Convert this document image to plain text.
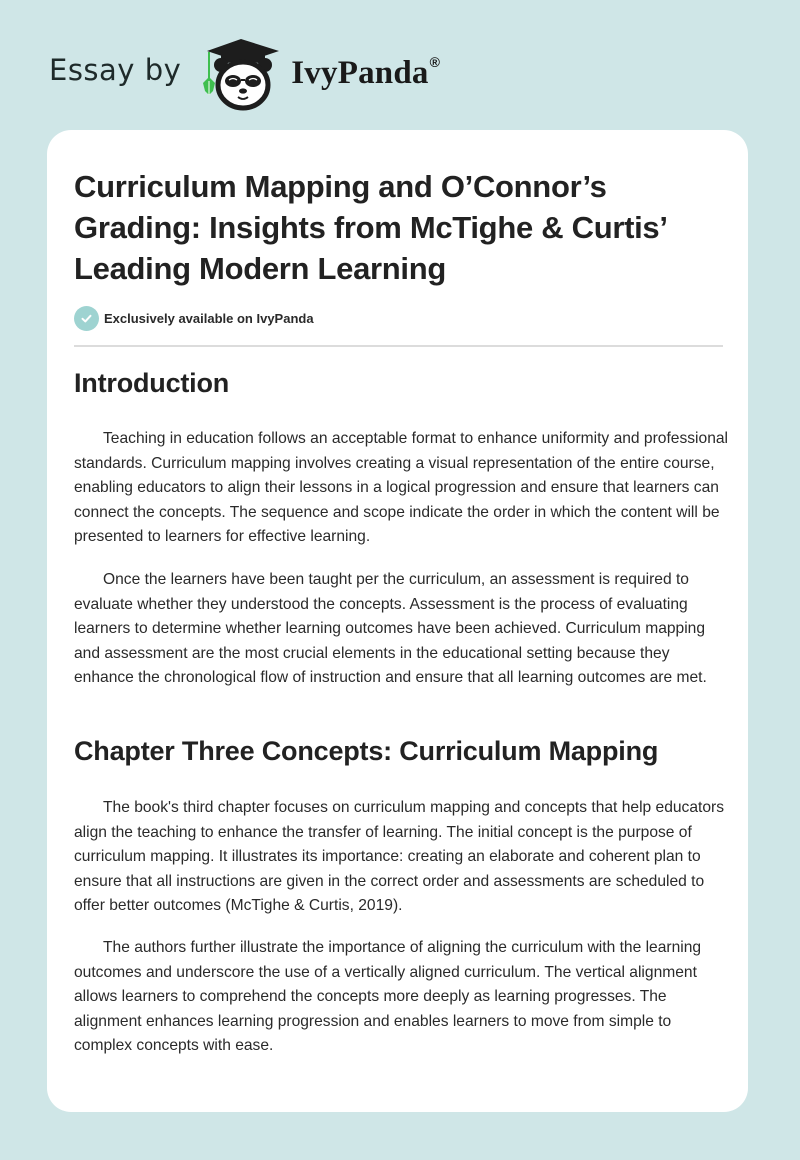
Essay by	IvyPanda®
Curriculum Mapping and O’Connor’s Grading: Insights from McTighe & Curtis’ Leading Modern Learning
Exclusively available on IvyPanda
Introduction

Teaching in education follows an acceptable format to enhance uniformity and professional standards. Curriculum mapping involves creating a visual representation of the entire course, enabling educators to align their lessons in a logical progression and ensure that learners can connect the concepts. The sequence and scope indicate the order in which the content will be presented to learners for effective learning.

Once the learners have been taught per the curriculum, an assessment is required to evaluate whether they understood the concepts. Assessment is the process of evaluating learners to determine whether learning outcomes have been achieved. Curriculum mapping and assessment are the most crucial elements in the educational setting because they enhance the chronological flow of instruction and ensure that all learning outcomes are met.

Chapter Three Concepts: Curriculum Mapping

The book's third chapter focuses on curriculum mapping and concepts that help educators align the teaching to enhance the transfer of learning. The initial concept is the purpose of curriculum mapping. It illustrates its importance: creating an elaborate and coherent plan to ensure that all instructions are given in the correct order and assessments are scheduled to offer better outcomes (McTighe & Curtis, 2019).

The authors further illustrate the importance of aligning the curriculum with the learning outcomes and underscore the use of a vertically aligned curriculum. The vertical alignment allows learners to comprehend the concepts more deeply as learning progresses. The alignment enhances learning progression and enables learners to move from simple to complex concepts with ease.
